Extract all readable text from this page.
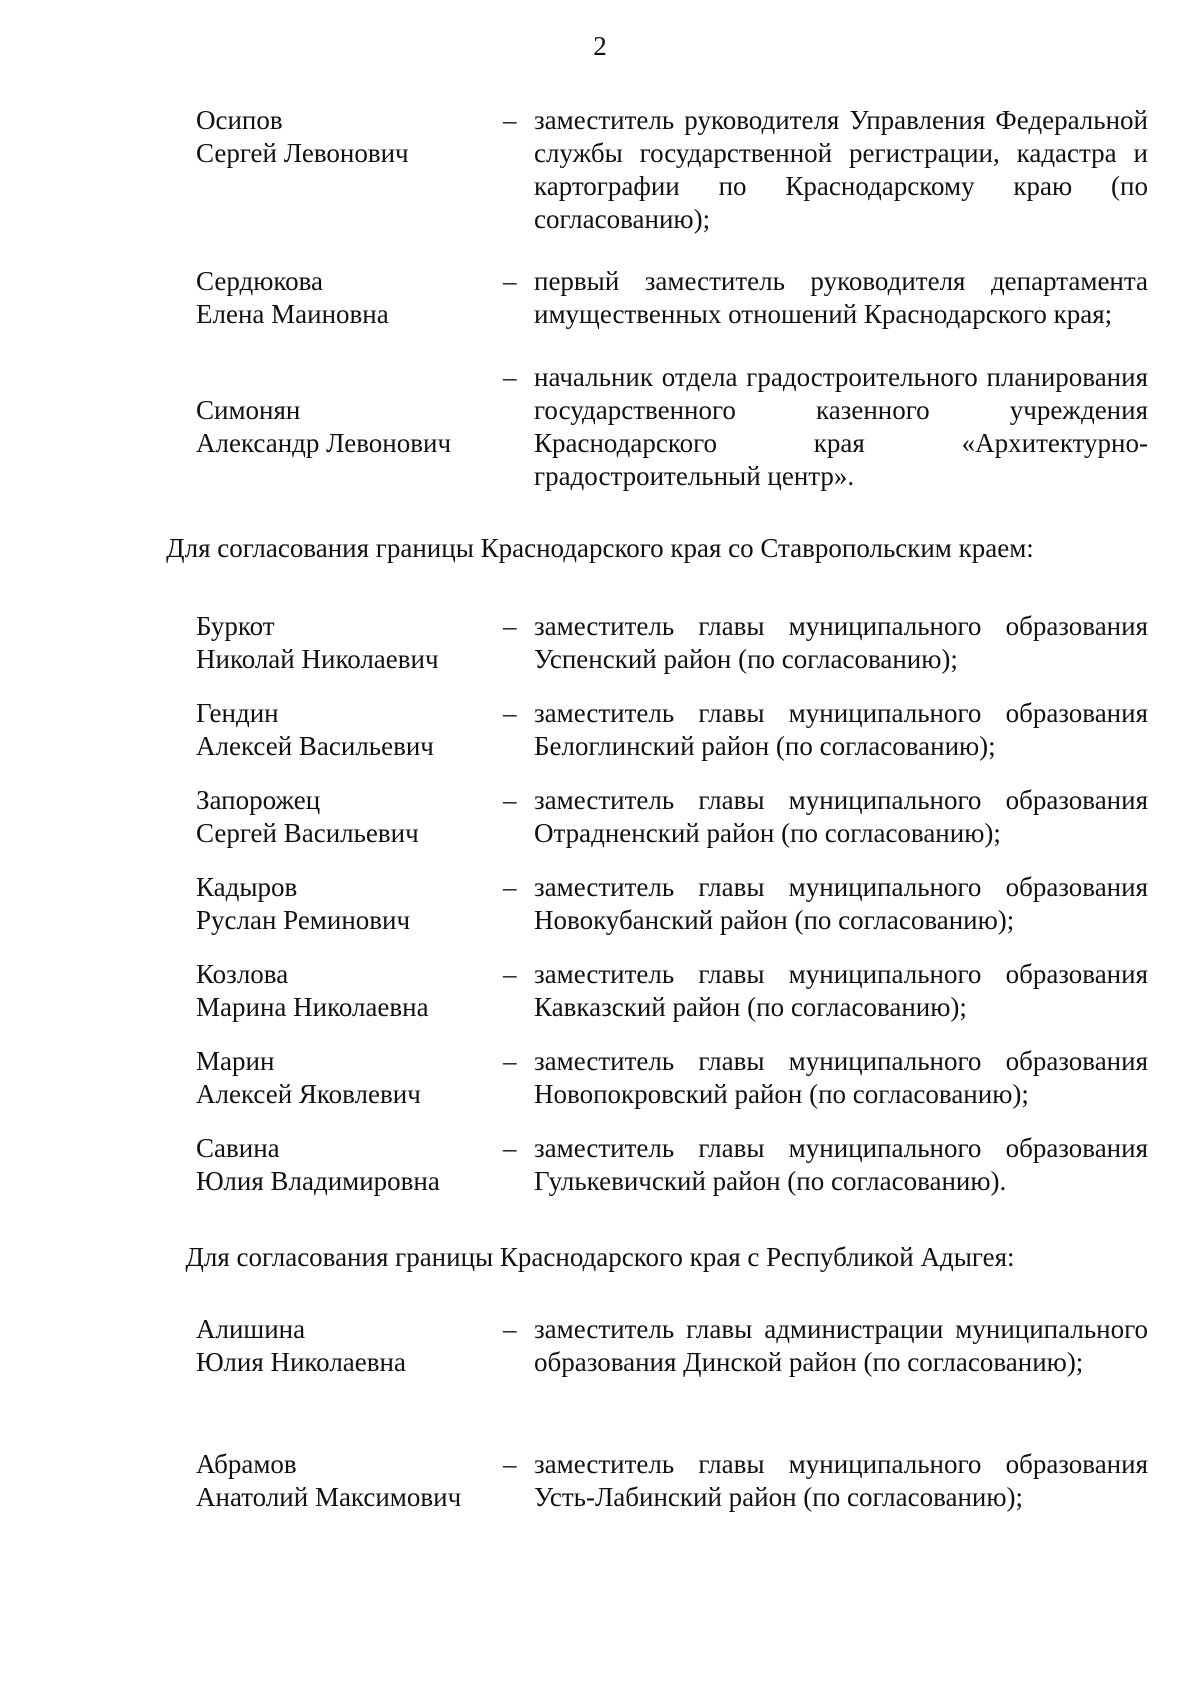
2
Осипов
Сергей Левонович
– заместитель руководителя Управления Федеральной службы государственной регистрации, кадастра и картографии по Краснодарскому краю (по согласованию);
Сердюкова
Елена Маиновна
– первый заместитель руководителя департамента имущественных отношений Краснодарского края;
Симонян
Александр Левонович
– начальник отдела градостроительного планирования государственного казенного учреждения Краснодарского края «Архитектурно-градостроительный центр».
Для согласования границы Краснодарского края со Ставропольским краем:
Буркот
Николай Николаевич
– заместитель главы муниципального образования Успенский район (по согласованию);
Гендин
Алексей Васильевич
– заместитель главы муниципального образования Белоглинский район (по согласованию);
Запорожец
Сергей Васильевич
– заместитель главы муниципального образования Отрадненский район (по согласованию);
Кадыров
Руслан Реминович
– заместитель главы муниципального образования Новокубанский район (по согласованию);
Козлова
Марина Николаевна
– заместитель главы муниципального образования Кавказский район (по согласованию);
Марин
Алексей Яковлевич
– заместитель главы муниципального образования Новопокровский район (по согласованию);
Савина
Юлия Владимировна
– заместитель главы муниципального образования Гулькевичский район (по согласованию).
Для согласования границы Краснодарского края с Республикой Адыгея:
Алишина
Юлия Николаевна
– заместитель главы администрации муниципального образования Динской район (по согласованию);
Абрамов
Анатолий Максимович
– заместитель главы муниципального образования Усть-Лабинский район (по согласованию);
